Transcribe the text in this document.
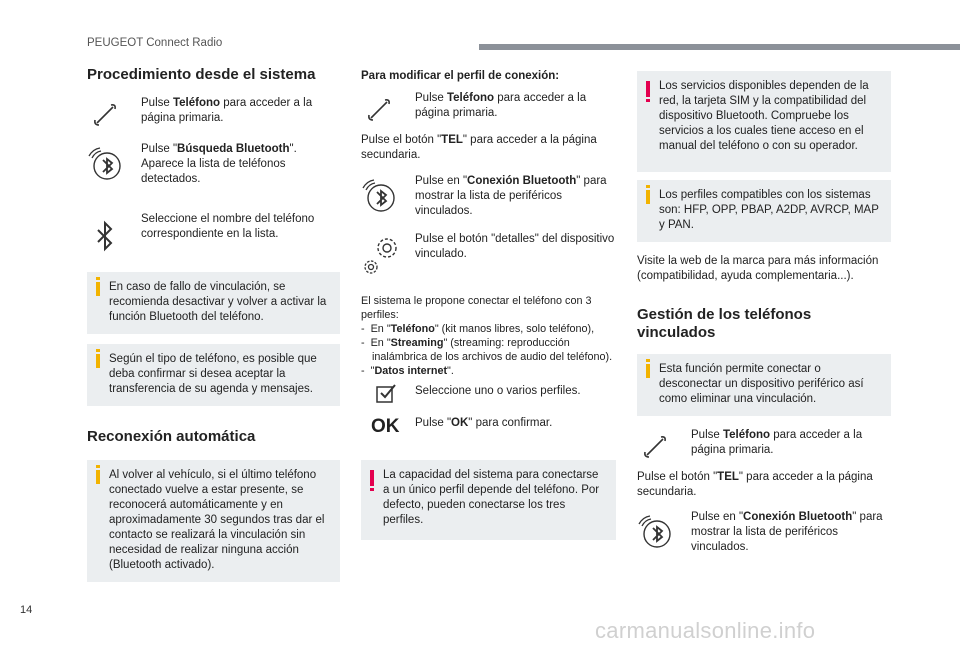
PEUGEOT Connect Radio
14
carmanualsonline.info
Procedimiento desde el sistema
Pulse Teléfono para acceder a la página primaria.
Pulse "Búsqueda Bluetooth". Aparece la lista de teléfonos detectados.
Seleccione el nombre del teléfono correspondiente en la lista.
En caso de fallo de vinculación, se recomienda desactivar y volver a activar la función Bluetooth del teléfono.
Según el tipo de teléfono, es posible que deba confirmar si desea aceptar la transferencia de su agenda y mensajes.
Reconexión automática
Al volver al vehículo, si el último teléfono conectado vuelve a estar presente, se reconocerá automáticamente y en aproximadamente 30 segundos tras dar el contacto se realizará la vinculación sin necesidad de realizar ninguna acción (Bluetooth activado).
Para modificar el perfil de conexión:
Pulse Teléfono para acceder a la página primaria.
Pulse el botón "TEL" para acceder a la página secundaria.
Pulse en "Conexión Bluetooth" para mostrar la lista de periféricos vinculados.
Pulse el botón "detalles" del dispositivo vinculado.
El sistema le propone conectar el teléfono con 3 perfiles:
-  En "Teléfono" (kit manos libres, solo teléfono),
-  En "Streaming" (streaming: reproducción inalámbrica de los archivos de audio del teléfono).
-  "Datos internet".
Seleccione uno o varios perfiles.
OK	Pulse "OK" para confirmar.
La capacidad del sistema para conectarse a un único perfil depende del teléfono. Por defecto, pueden conectarse los tres perfiles.
Los servicios disponibles dependen de la red, la tarjeta SIM y la compatibilidad del dispositivo Bluetooth. Compruebe los servicios a los cuales tiene acceso en el manual del teléfono o con su operador.
Los perfiles compatibles con los sistemas son: HFP, OPP, PBAP, A2DP, AVRCP, MAP y PAN.
Visite la web de la marca para más información (compatibilidad, ayuda complementaria...).
Gestión de los teléfonos vinculados
Esta función permite conectar o desconectar un dispositivo periférico así como eliminar una vinculación.
Pulse Teléfono para acceder a la página primaria.
Pulse el botón "TEL" para acceder a la página secundaria.
Pulse en "Conexión Bluetooth" para mostrar la lista de periféricos vinculados.
